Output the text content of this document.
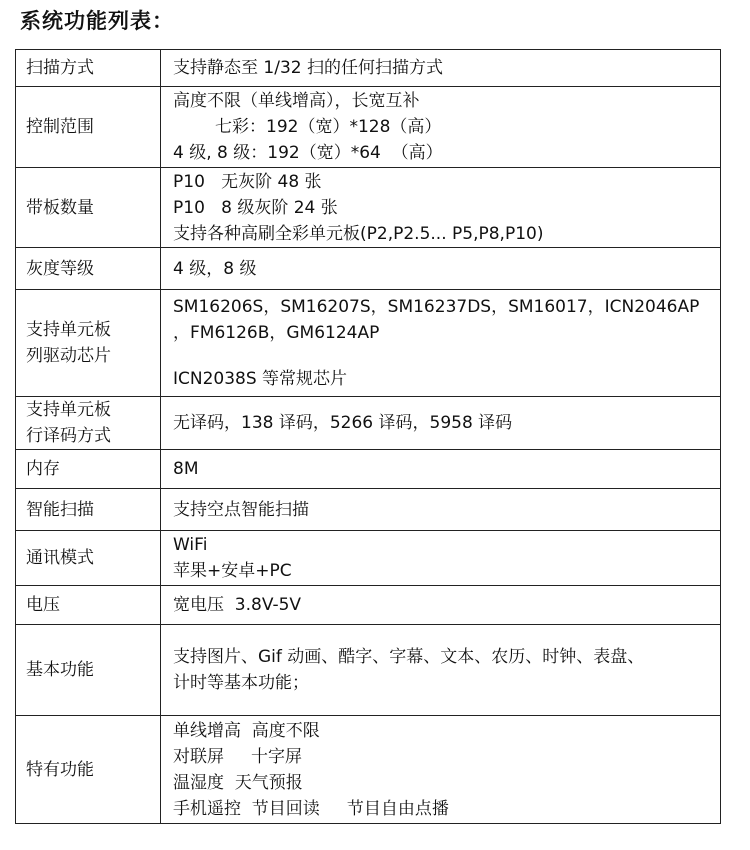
系统功能列表：
扫描方式	支持静态至 1/32 扫的任何扫描方式

控制范围	高度不限（单线增高），长宽互补
七彩：192（宽）*128（高）
4 级, 8 级：192（宽）*64  （高）

带板数量	P10   无灰阶 48 张
P10   8 级灰阶 24 张
支持各种高刷全彩单元板(P2,P2.5... P5,P8,P10)

灰度等级	4 级，8 级

支持单元板
列驱动芯片	SM16206S，SM16207S，SM16237DS，SM16017，ICN2046AP
，FM6126B，GM6124AP
ICN2038S 等常规芯片

支持单元板
行译码方式	无译码，138 译码，5266 译码，5958 译码

内存	8M

智能扫描	支持空点智能扫描

通讯模式	WiFi
苹果+安卓+PC

电压	宽电压  3.8V-5V

基本功能	支持图片、Gif 动画、酷字、字幕、文本、农历、时钟、表盘、
计时等基本功能；

特有功能	单线增高  高度不限
对联屏     十字屏
温湿度  天气预报
手机遥控  节目回读     节目自由点播
